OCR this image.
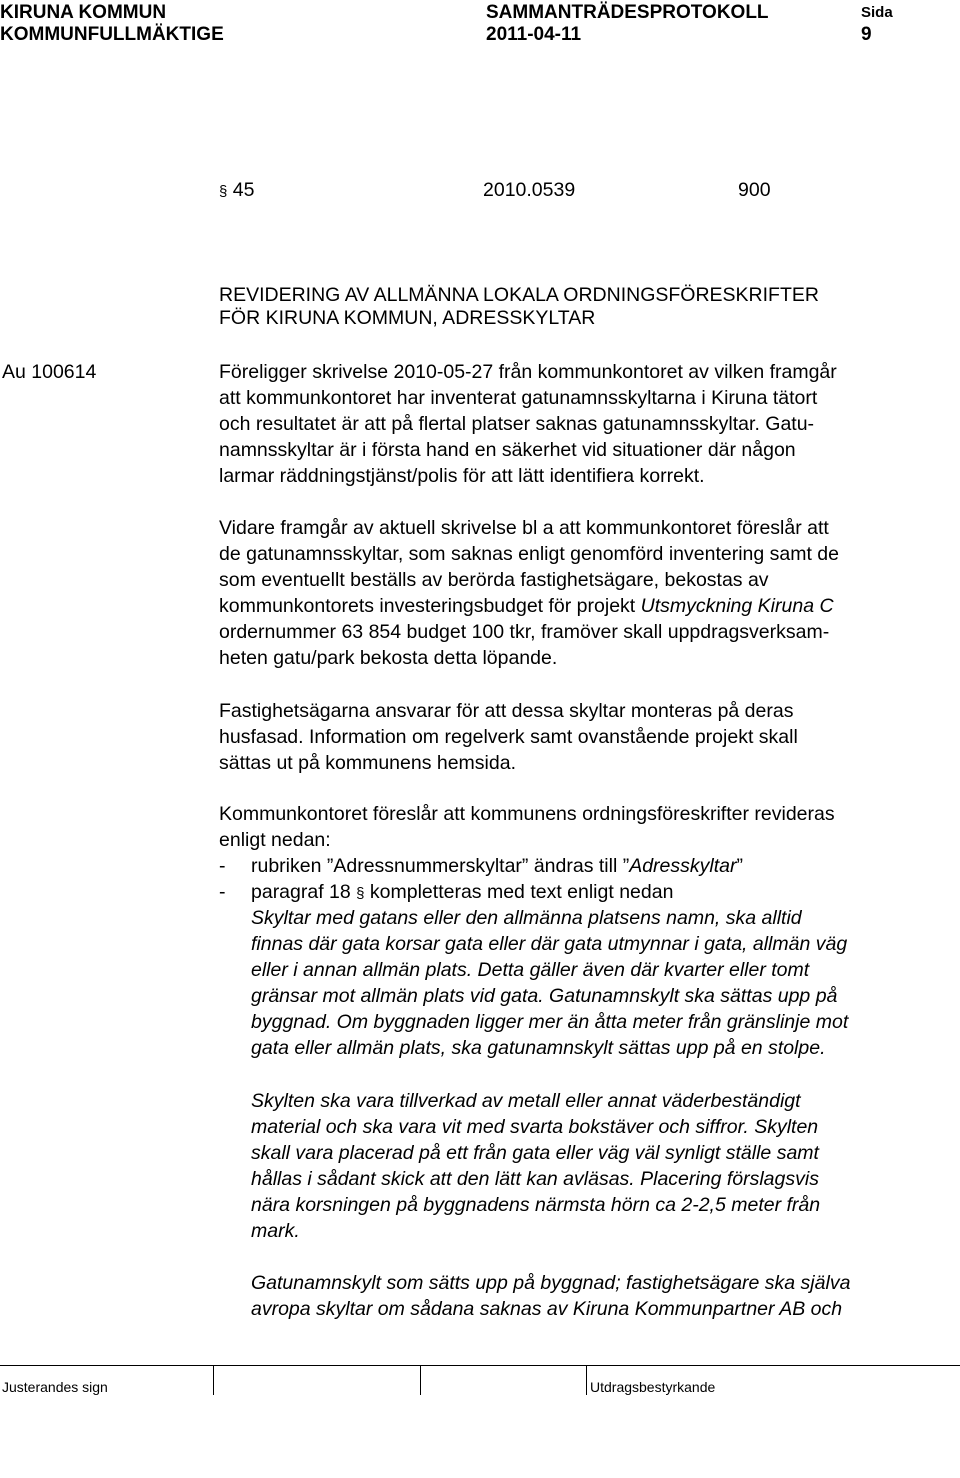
KIRUNA KOMMUN
KOMMUNFULLMÄKTIGE
SAMMANTRÄDESPROTOKOLL
2011-04-11
Sida
9
§ 45	2010.0539	900
REVIDERING AV ALLMÄNNA LOKALA ORDNINGSFÖRESKRIFTER
FÖR KIRUNA KOMMUN, ADRESSKYLTAR
Au 100614	Föreligger skrivelse 2010-05-27 från kommunkontoret av vilken framgår
att kommunkontoret har inventerat gatunamnsskyltarna i Kiruna tätort
och resultatet är att på flertal platser saknas gatunamnsskyltar. Gatu-
namnsskyltar är i första hand en säkerhet vid situationer där någon
larmar räddningstjänst/polis för att lätt identifiera korrekt.
Vidare framgår av aktuell skrivelse bl a att kommunkontoret föreslår att
de gatunamnsskyltar, som saknas enligt genomförd inventering samt de
som eventuellt beställs av berörda fastighetsägare, bekostas av
kommunkontorets investeringsbudget för projekt Utsmyckning Kiruna C
ordernummer 63 854 budget 100 tkr, framöver skall uppdragsverksam-
heten gatu/park bekosta detta löpande.
Fastighetsägarna ansvarar för att dessa skyltar monteras på deras
husfasad. Information om regelverk samt ovanstående projekt skall
sättas ut på kommunens hemsida.
Kommunkontoret föreslår att kommunens ordningsföreskrifter revideras
enligt nedan:
- rubriken ”Adressnummerskyltar” ändras till ”Adresskyltar”
- paragraf 18 § kompletteras med text enligt nedan
Skyltar med gatans eller den allmänna platsens namn, ska alltid
finnas där gata korsar gata eller där gata utmynnar i gata, allmän väg
eller i annan allmän plats. Detta gäller även där kvarter eller tomt
gränsar mot allmän plats vid gata. Gatunamnskylt ska sättas upp på
byggnad. Om byggnaden ligger mer än åtta meter från gränslinje mot
gata eller allmän plats, ska gatunamnskylt sättas upp på en stolpe.
Skylten ska vara tillverkad av metall eller annat väderbeständigt
material och ska vara vit med svarta bokstäver och siffror. Skylten
skall vara placerad på ett från gata eller väg väl synligt ställe samt
hållas i sådant skick att den lätt kan avläsas. Placering förslagsvis
nära korsningen på byggnadens närmsta hörn ca 2-2,5 meter från
mark.
Gatunamnskylt som sätts upp på byggnad; fastighetsägare ska själva
avropa skyltar om sådana saknas av Kiruna Kommunpartner AB och
Justerandes sign	Utdragsbestyrkande
